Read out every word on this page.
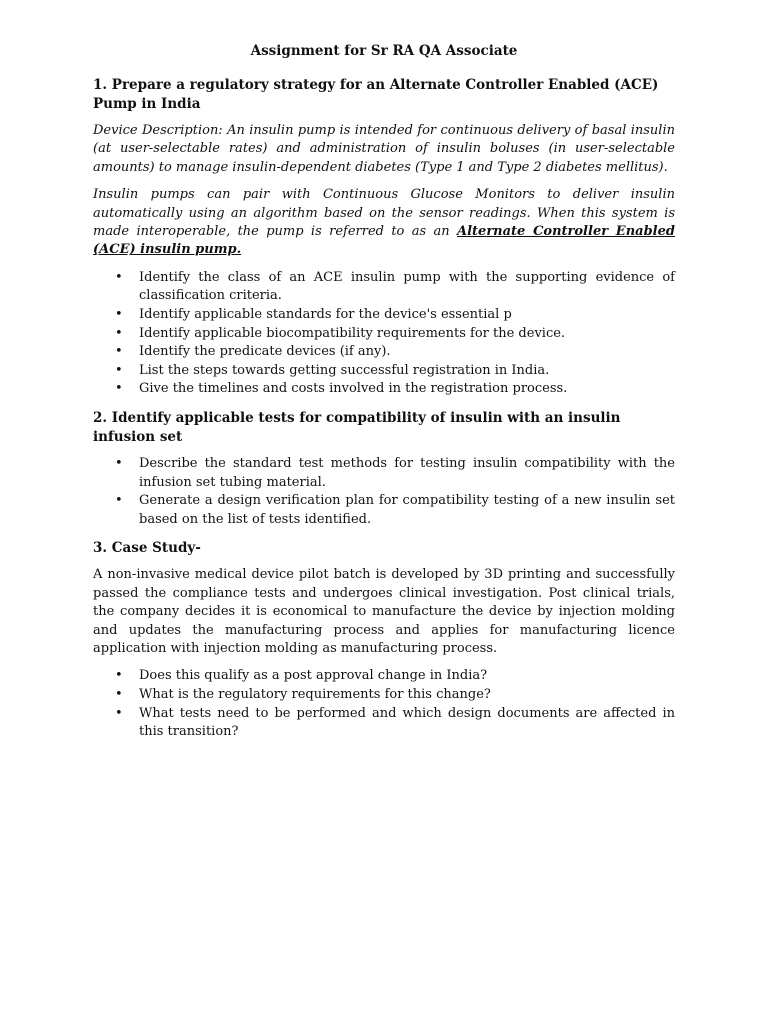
Assignment for Sr RA QA Associate
1. Prepare a regulatory strategy for an Alternate Controller Enabled (ACE) Pump in India

Device Description: An insulin pump is intended for continuous delivery of basal insulin (at user-selectable rates) and administration of insulin boluses (in user-selectable amounts) to manage insulin-dependent diabetes (Type 1 and Type 2 diabetes mellitus).

Insulin pumps can pair with Continuous Glucose Monitors to deliver insulin automatically using an algorithm based on the sensor readings. When this system is made interoperable, the pump is referred to as an Alternate Controller Enabled (ACE) insulin pump.

• Identify the class of an ACE insulin pump with the supporting evidence of classification criteria.
• Identify applicable standards for the device's essential p
• Identify applicable biocompatibility requirements for the device.
• Identify the predicate devices (if any).
• List the steps towards getting successful registration in India.
• Give the timelines and costs involved in the registration process.
2. Identify applicable tests for compatibility of insulin with an insulin infusion set
• Describe the standard test methods for testing insulin compatibility with the infusion set tubing material.
• Generate a design verification plan for compatibility testing of a new insulin set based on the list of tests identified.
3. Case Study-

A non-invasive medical device pilot batch is developed by 3D printing and successfully passed the compliance tests and undergoes clinical investigation. Post clinical trials, the company decides it is economical to manufacture the device by injection molding and updates the manufacturing process and applies for manufacturing licence application with injection molding as manufacturing process.

• Does this qualify as a post approval change in India?
• What is the regulatory requirements for this change?
• What tests need to be performed and which design documents are affected in this transition?
